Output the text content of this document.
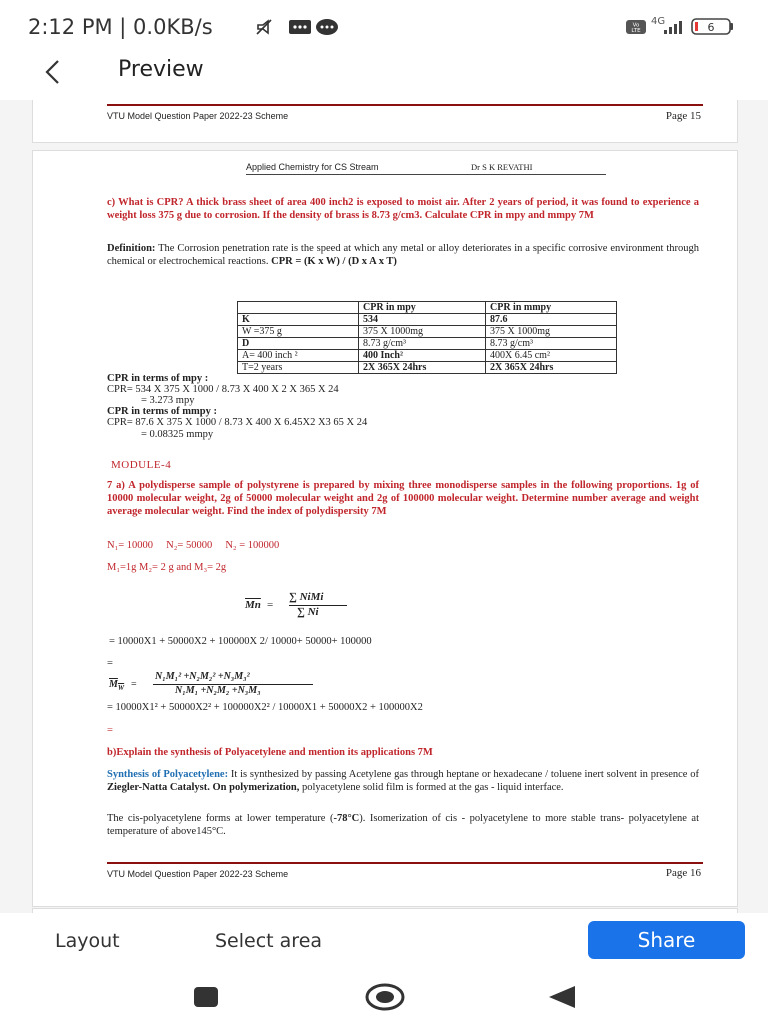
2:12 PM | 0.0KB/s	Vo
LTE
4G	6
Preview
VTU Model Question Paper 2022-23 Scheme	Page 15
Applied Chemistry for CS Stream	Dr S K REVATHI
c) What is CPR? A thick brass sheet of area 400 inch2 is exposed to moist air. After 2 years of period, it was found to experience a weight loss 375 g due to corrosion. If the density of brass is 8.73 g/cm3. Calculate CPR in mpy and mmpy 7M
Definition: The Corrosion penetration rate is the speed at which any metal or alloy deteriorates in a specific corrosive environment through chemical or electrochemical reactions. CPR = (K x W) / (D x A x T)
	CPR in mpy	CPR in mmpy
K	534	87.6
W =375 g	375 X 1000mg	375 X 1000mg
D	8.73 g/cm³	8.73 g/cm³
A= 400 inch ²	400 Inch²	400X 6.45 cm²
T=2 years	2X 365X 24hrs	2X 365X 24hrs
CPR in terms of mpy :
CPR= 534 X 375 X 1000 / 8.73 X 400 X 2 X 365 X 24
= 3.273 mpy
CPR in terms of mmpy :
CPR= 87.6 X 375 X 1000 / 8.73 X 400 X 6.45X2 X3 65 X 24
= 0.08325 mmpy
MODULE-4
7 a) A polydisperse sample of polystyrene is prepared by mixing three monodisperse samples in the following proportions. 1g of 10000 molecular weight, 2g of 50000 molecular weight and 2g of 100000 molecular weight. Determine number average and weight average molecular weight. Find the index of polydispersity 7M
N₁= 10000     N₂= 50000     N₂ = 100000
M₁=1g M₂= 2 g and M₃= 2g
$\overline{Mn}$ =
∑ NiMi
∑ Ni
= 10000X1 + 50000X2 + 100000X 2/ 10000+ 50000+ 100000
=
$M_W$ =
N₁M₁² +N₂M₂² +N₃M₃²
N₁M₁ +N₂M₂ +N₃M₃
= 10000X1² + 50000X2² + 100000X2² / 10000X1 + 50000X2 + 100000X2
=
b)Explain the synthesis of Polyacetylene and mention its applications 7M
Synthesis of Polyacetylene: It is synthesized by passing Acetylene gas through heptane or hexadecane / toluene inert solvent in presence of Ziegler-Natta Catalyst. On polymerization, polyacetylene solid film is formed at the gas - liquid interface.
The cis-polyacetylene forms at lower temperature (-78°C). Isomerization of cis - polyacetylene to more stable trans- polyacetylene at temperature of above145°C.
VTU Model Question Paper 2022-23 Scheme	Page 16
Layout	Select area	Share
